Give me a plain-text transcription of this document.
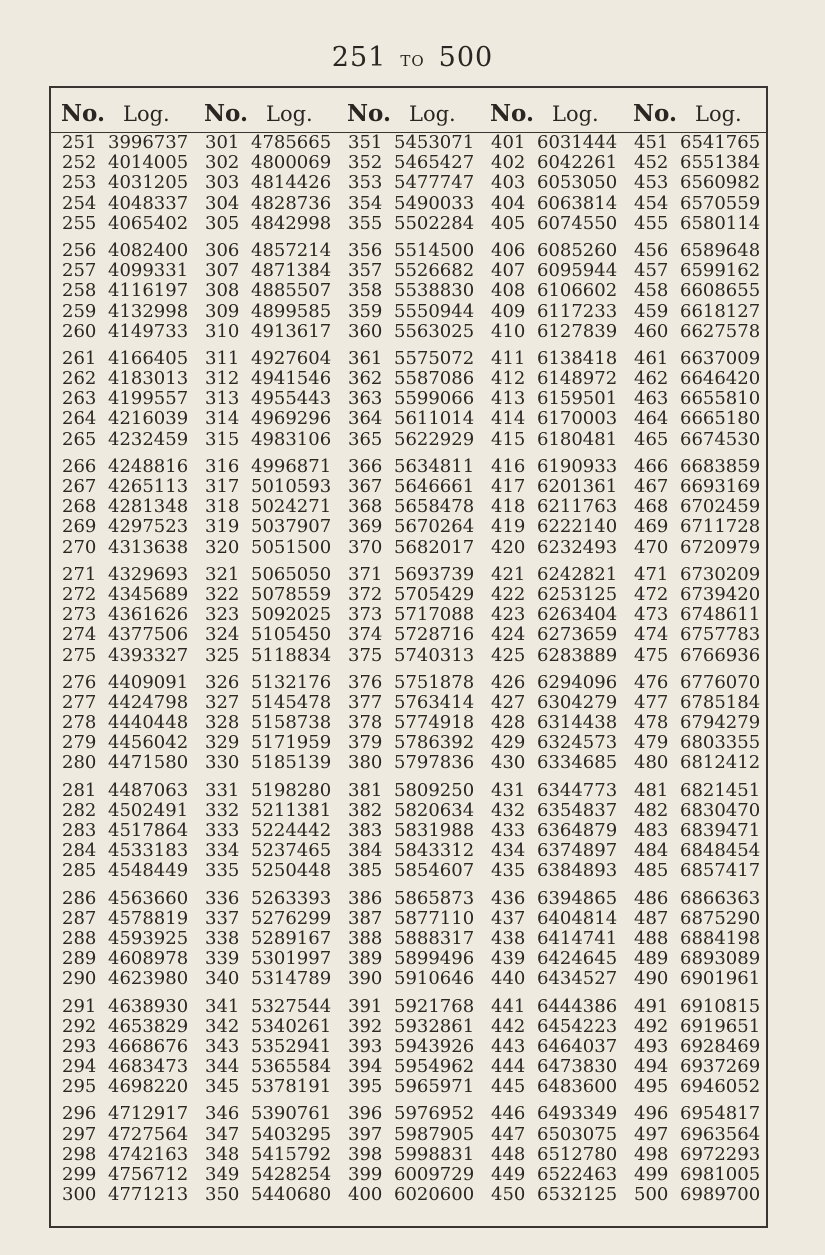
251 TO 500
No. Log. No. Log. No. Log. No. Log. No. Log.
251 3996737
252 4014005
253 4031205
254 4048337
255 4065402
256 4082400
257 4099331
258 4116197
259 4132998
260 4149733
261 4166405
262 4183013
263 4199557
264 4216039
265 4232459
266 4248816
267 4265113
268 4281348
269 4297523
270 4313638
271 4329693
272 4345689
273 4361626
274 4377506
275 4393327
276 4409091
277 4424798
278 4440448
279 4456042
280 4471580
281 4487063
282 4502491
283 4517864
284 4533183
285 4548449
286 4563660
287 4578819
288 4593925
289 4608978
290 4623980
291 4638930
292 4653829
293 4668676
294 4683473
295 4698220
296 4712917
297 4727564
298 4742163
299 4756712
300 4771213
301 4785665
302 4800069
303 4814426
304 4828736
305 4842998
306 4857214
307 4871384
308 4885507
309 4899585
310 4913617
311 4927604
312 4941546
313 4955443
314 4969296
315 4983106
316 4996871
317 5010593
318 5024271
319 5037907
320 5051500
321 5065050
322 5078559
323 5092025
324 5105450
325 5118834
326 5132176
327 5145478
328 5158738
329 5171959
330 5185139
331 5198280
332 5211381
333 5224442
334 5237465
335 5250448
336 5263393
337 5276299
338 5289167
339 5301997
340 5314789
341 5327544
342 5340261
343 5352941
344 5365584
345 5378191
346 5390761
347 5403295
348 5415792
349 5428254
350 5440680
351 5453071
352 5465427
353 5477747
354 5490033
355 5502284
356 5514500
357 5526682
358 5538830
359 5550944
360 5563025
361 5575072
362 5587086
363 5599066
364 5611014
365 5622929
366 5634811
367 5646661
368 5658478
369 5670264
370 5682017
371 5693739
372 5705429
373 5717088
374 5728716
375 5740313
376 5751878
377 5763414
378 5774918
379 5786392
380 5797836
381 5809250
382 5820634
383 5831988
384 5843312
385 5854607
386 5865873
387 5877110
388 5888317
389 5899496
390 5910646
391 5921768
392 5932861
393 5943926
394 5954962
395 5965971
396 5976952
397 5987905
398 5998831
399 6009729
400 6020600
401 6031444
402 6042261
403 6053050
404 6063814
405 6074550
406 6085260
407 6095944
408 6106602
409 6117233
410 6127839
411 6138418
412 6148972
413 6159501
414 6170003
415 6180481
416 6190933
417 6201361
418 6211763
419 6222140
420 6232493
421 6242821
422 6253125
423 6263404
424 6273659
425 6283889
426 6294096
427 6304279
428 6314438
429 6324573
430 6334685
431 6344773
432 6354837
433 6364879
434 6374897
435 6384893
436 6394865
437 6404814
438 6414741
439 6424645
440 6434527
441 6444386
442 6454223
443 6464037
444 6473830
445 6483600
446 6493349
447 6503075
448 6512780
449 6522463
450 6532125
451 6541765
452 6551384
453 6560982
454 6570559
455 6580114
456 6589648
457 6599162
458 6608655
459 6618127
460 6627578
461 6637009
462 6646420
463 6655810
464 6665180
465 6674530
466 6683859
467 6693169
468 6702459
469 6711728
470 6720979
471 6730209
472 6739420
473 6748611
474 6757783
475 6766936
476 6776070
477 6785184
478 6794279
479 6803355
480 6812412
481 6821451
482 6830470
483 6839471
484 6848454
485 6857417
486 6866363
487 6875290
488 6884198
489 6893089
490 6901961
491 6910815
492 6919651
493 6928469
494 6937269
495 6946052
496 6954817
497 6963564
498 6972293
499 6981005
500 6989700
